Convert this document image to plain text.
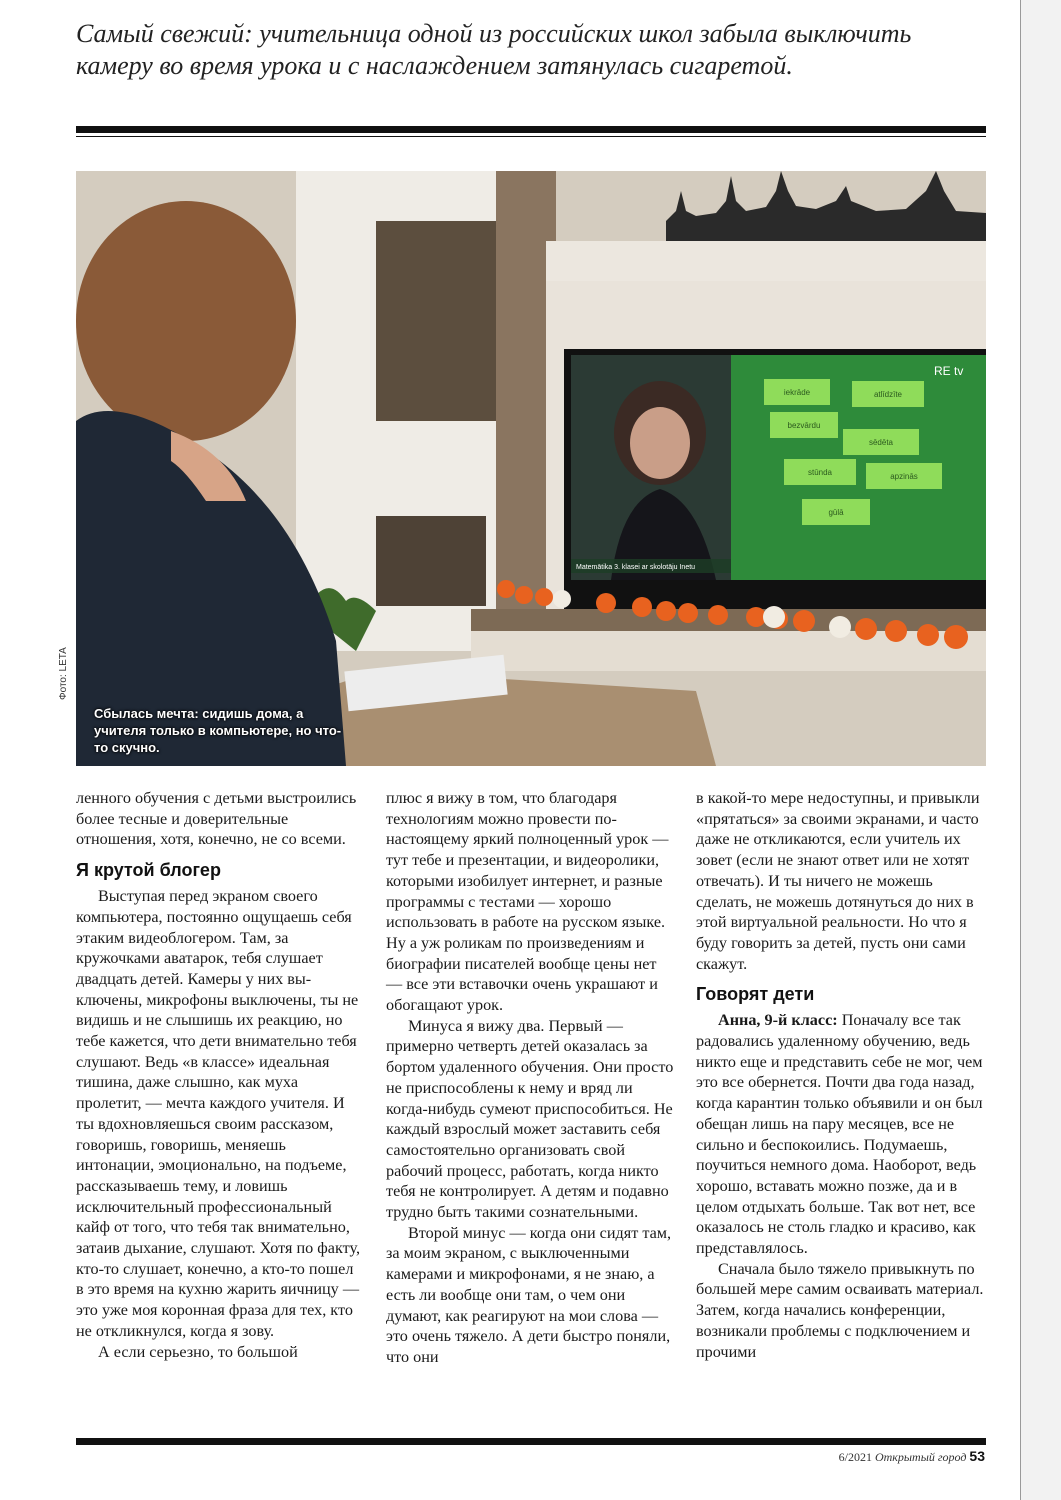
Самый свежий: учительница одной из российских школ забыла выключить камеру во время урока и с наслаждением затянулась сигаретой.

iekrāde	atlīdzīte
bezvārdu
sēdēta
stūnda	apzinās
gūlā
RE tv
Matemātika 3. klasei ar skolotāju Inetu
Сбылась мечта: сидишь дома, а учителя только в компьютере, но что-то скучно.
Фото: LETA

ленного обучения с детьми выстроились более тесные и доверительные отношения, хотя, конечно, не со всеми.

Я крутой блогер

Выступая перед экраном своего компьютера, постоянно ощущаешь себя этаким видеоблогером. Там, за кружочками аватарок, тебя слушает двадцать детей. Камеры у них выключены, микрофоны выключены, ты не видишь и не слышишь их реакцию, но тебе кажется, что дети внимательно тебя слушают. Ведь «в классе» идеальная тишина, даже слышно, как муха пролетит, — мечта каждого учителя. И ты вдохновляешься своим рассказом, говоришь, говоришь, меняешь интонации, эмоционально, на подъеме, рассказываешь тему, и ловишь исключительный профессиональный кайф от того, что тебя так внимательно, затаив дыхание, слушают. Хотя по факту, кто-то слушает, конечно, а кто-то пошел в это время на кухню жарить яичницу — это уже моя коронная фраза для тех, кто не откликнулся, когда я зову.

А если серьезно, то большой

плюс я вижу в том, что благодаря технологиям можно провести по-настоящему яркий полноценный урок — тут тебе и презентации, и видеоролики, которыми изобилует интернет, и разные программы с тестами — хорошо использовать в работе на русском языке. Ну а уж роликам по произведениям и биографии писателей вообще цены нет — все эти вставочки очень украшают и обогащают урок.

Минуса я вижу два. Первый — примерно четверть детей оказалась за бортом удаленного обучения. Они просто не приспособлены к нему и вряд ли когда-нибудь сумеют приспособиться. Не каждый взрослый может заставить себя самостоятельно организовать свой рабочий процесс, работать, когда никто тебя не контролирует. А детям и подавно трудно быть такими сознательными.

Второй минус — когда они сидят там, за моим экраном, с выключенными камерами и микрофонами, я не знаю, а есть ли вообще они там, о чем они думают, как реагируют на мои слова — это очень тяжело. А дети быстро поняли, что они

в какой-то мере недоступны, и привыкли «прятаться» за своими экранами, и часто даже не откликаются, если учитель их зовет (если не знают ответ или не хотят отвечать). И ты ничего не можешь сделать, не можешь дотянуться до них в этой виртуальной реальности. Но что я буду говорить за детей, пусть они сами скажут.

Говорят дети

Анна, 9-й класс: Поначалу все так радовались удаленному обучению, ведь никто еще и представить себе не мог, чем это все обернется. Почти два года назад, когда карантин только объявили и он был обещан лишь на пару месяцев, все не сильно и беспокоились. Подумаешь, поучиться немного дома. Наоборот, ведь хорошо, вставать можно позже, да и в целом отдыхать больше. Так вот нет, все оказалось не столь гладко и красиво, как представлялось.

Сначала было тяжело привыкнуть по большей мере самим осваивать материал. Затем, когда начались конференции, возникали проблемы с подключением и прочими

6/2021 Открытый город 53
